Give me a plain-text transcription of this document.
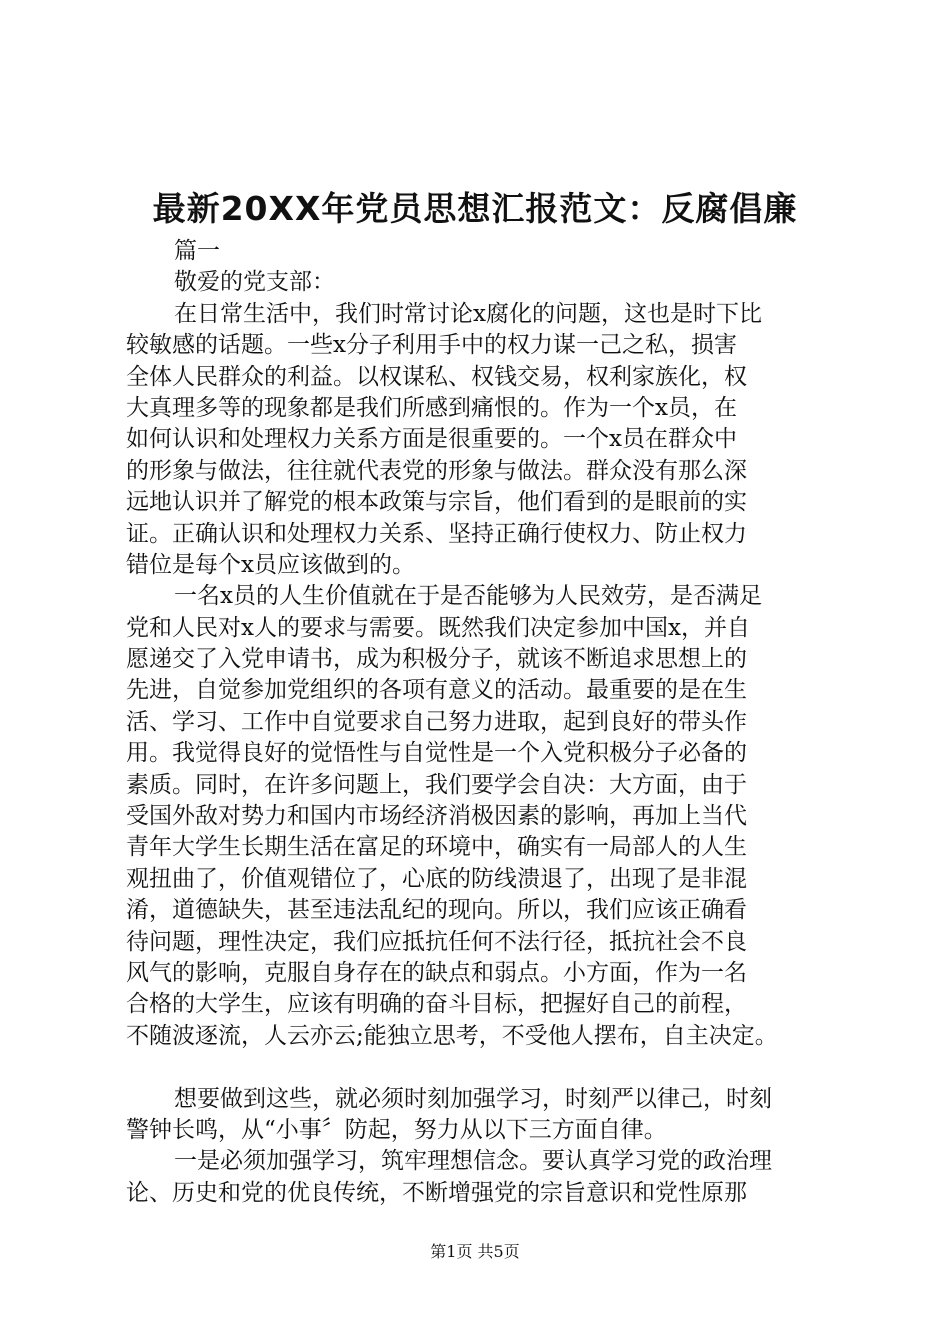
最新20XX年党员思想汇报范文：反腐倡廉
篇一
敬爱的党支部：
在日常生活中，我们时常讨论x腐化的问题，这也是时下比
较敏感的话题。一些x分子利用手中的权力谋一己之私，损害
全体人民群众的利益。以权谋私、权钱交易，权利家族化，权
大真理多等的现象都是我们所感到痛恨的。作为一个x员，在
如何认识和处理权力关系方面是很重要的。一个x员在群众中
的形象与做法，往往就代表党的形象与做法。群众没有那么深
远地认识并了解党的根本政策与宗旨，他们看到的是眼前的实
证。正确认识和处理权力关系、坚持正确行使权力、防止权力
错位是每个x员应该做到的。
一名x员的人生价值就在于是否能够为人民效劳，是否满足
党和人民对x人的要求与需要。既然我们决定参加中国x，并自
愿递交了入党申请书，成为积极分子，就该不断追求思想上的
先进，自觉参加党组织的各项有意义的活动。最重要的是在生
活、学习、工作中自觉要求自己努力进取，起到良好的带头作
用。我觉得良好的觉悟性与自觉性是一个入党积极分子必备的
素质。同时，在许多问题上，我们要学会自决：大方面，由于
受国外敌对势力和国内市场经济消极因素的影响，再加上当代
青年大学生长期生活在富足的环境中，确实有一局部人的人生
观扭曲了，价值观错位了，心底的防线溃退了，出现了是非混
淆，道德缺失，甚至违法乱纪的现向。所以，我们应该正确看
待问题，理性决定，我们应抵抗任何不法行径，抵抗社会不良
风气的影响，克服自身存在的缺点和弱点。小方面，作为一名
合格的大学生，应该有明确的奋斗目标，把握好自己的前程，
不随波逐流，人云亦云;能独立思考，不受他人摆布，自主决定。
想要做到这些，就必须时刻加强学习，时刻严以律己，时刻
警钟长鸣，从“小事〞防起，努力从以下三方面自律。
一是必须加强学习，筑牢理想信念。要认真学习党的政治理
论、历史和党的优良传统，不断增强党的宗旨意识和党性原那
第1页 共5页
